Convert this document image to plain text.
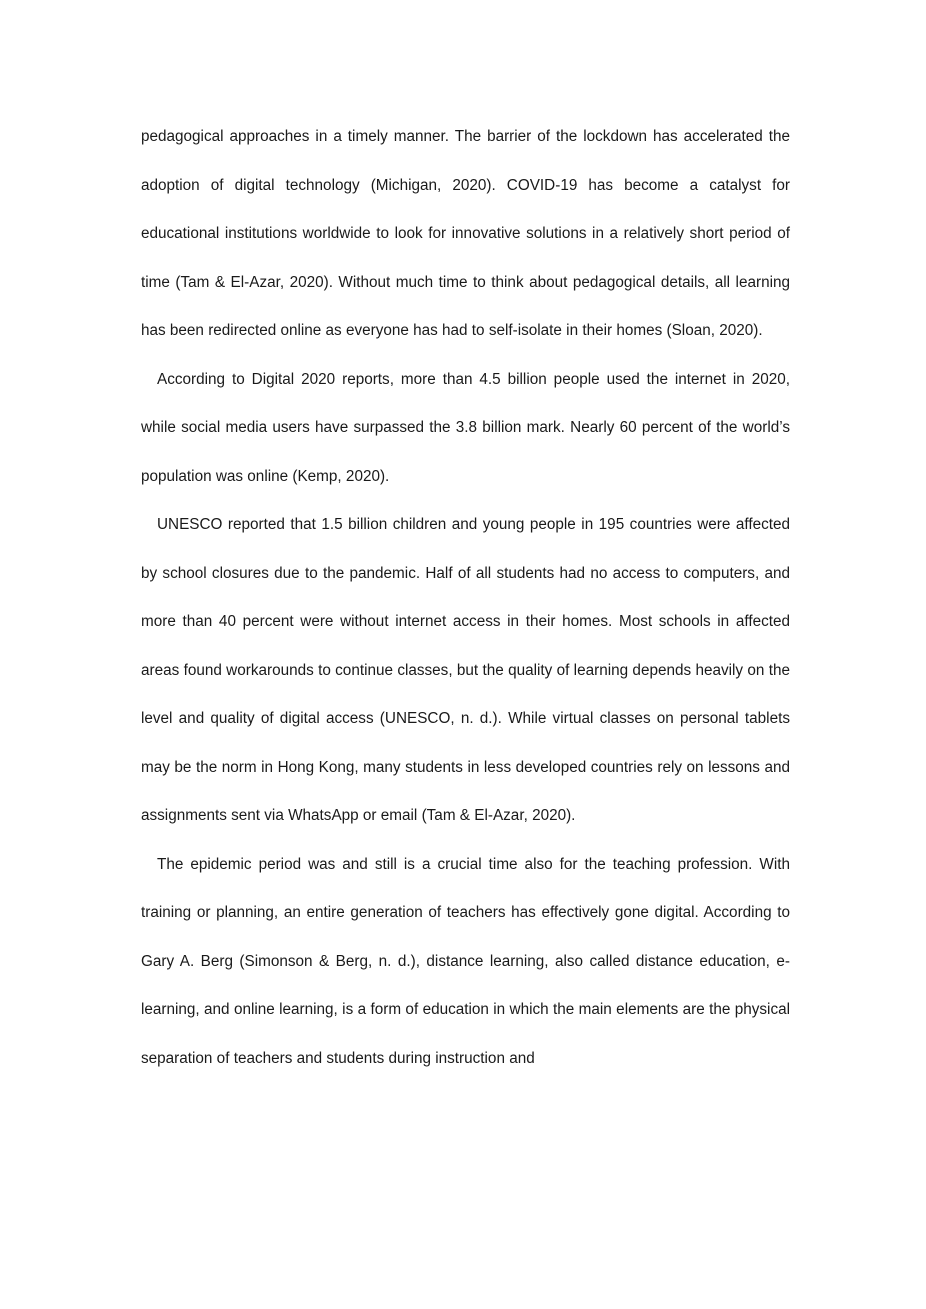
pedagogical approaches in a timely manner. The barrier of the lockdown has accelerated the adoption of digital technology (Michigan, 2020). COVID-19 has become a catalyst for educational institutions worldwide to look for innovative solutions in a relatively short period of time (Tam & El-Azar, 2020). Without much time to think about pedagogical details, all learning has been redirected online as everyone has had to self-isolate in their homes (Sloan, 2020).

According to Digital 2020 reports, more than 4.5 billion people used the internet in 2020, while social media users have surpassed the 3.8 billion mark. Nearly 60 percent of the world’s population was online (Kemp, 2020).

UNESCO reported that 1.5 billion children and young people in 195 countries were affected by school closures due to the pandemic. Half of all students had no access to computers, and more than 40 percent were without internet access in their homes. Most schools in affected areas found workarounds to continue classes, but the quality of learning depends heavily on the level and quality of digital access (UNESCO, n. d.). While virtual classes on personal tablets may be the norm in Hong Kong, many students in less developed countries rely on lessons and assignments sent via WhatsApp or email (Tam & El-Azar, 2020).

The epidemic period was and still is a crucial time also for the teaching profession. With training or planning, an entire generation of teachers has effectively gone digital. According to Gary A. Berg (Simonson & Berg, n. d.), distance learning, also called distance education, e-learning, and online learning, is a form of education in which the main elements are the physical separation of teachers and students during instruction and
